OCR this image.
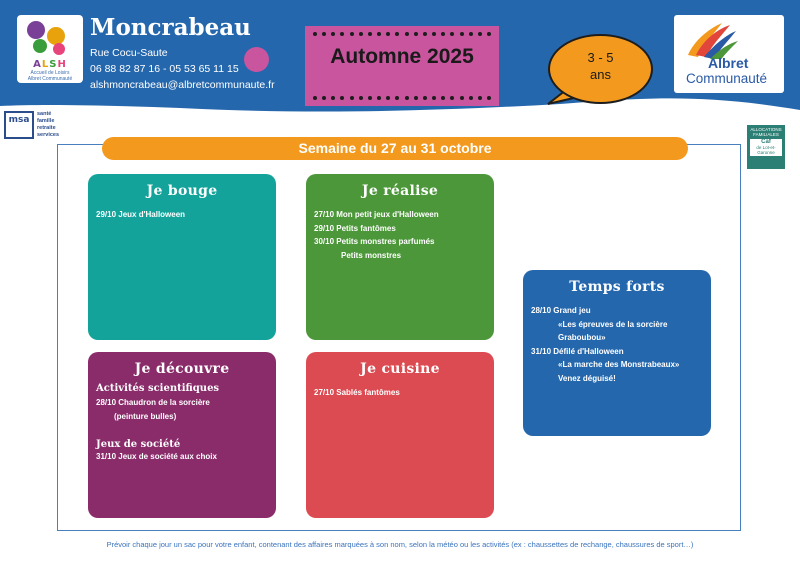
ALSH
Accueil de Loisirs
Albret Communauté
Moncrabeau
Rue Cocu-Saute
06 88 82 87 16 - 05 53 65 11 15
alshmoncrabeau@albretcommunaute.fr
Automne 2025	3 - 5
ans
Albret
Communauté
msa
santé
famille
retraite
services
ALLOCATIONS FAMILIALES
Caf
de Lot-et-Garonne
Semaine du 27 au 31 octobre
Je bouge
29/10 Jeux d'Halloween
Je réalise
27/10 Mon petit jeux d'Halloween
29/10 Petits fantômes
30/10 Petits monstres parfumés
Petits monstres
Je découvre
Activités scientifiques
28/10 Chaudron de la sorcière
(peinture bulles)
Jeux de société
31/10 Jeux de société aux choix
Je cuisine
27/10 Sablés fantômes
Temps forts
28/10 Grand jeu
«Les épreuves de la sorcière
Graboubou»
31/10 Défilé d'Halloween
«La marche des Monstrabeaux»
Venez déguisé!
Prévoir chaque jour un sac pour votre enfant, contenant des affaires marquées à son nom, selon la météo ou les activités (ex : chaussettes de rechange, chaussures de sport…)
